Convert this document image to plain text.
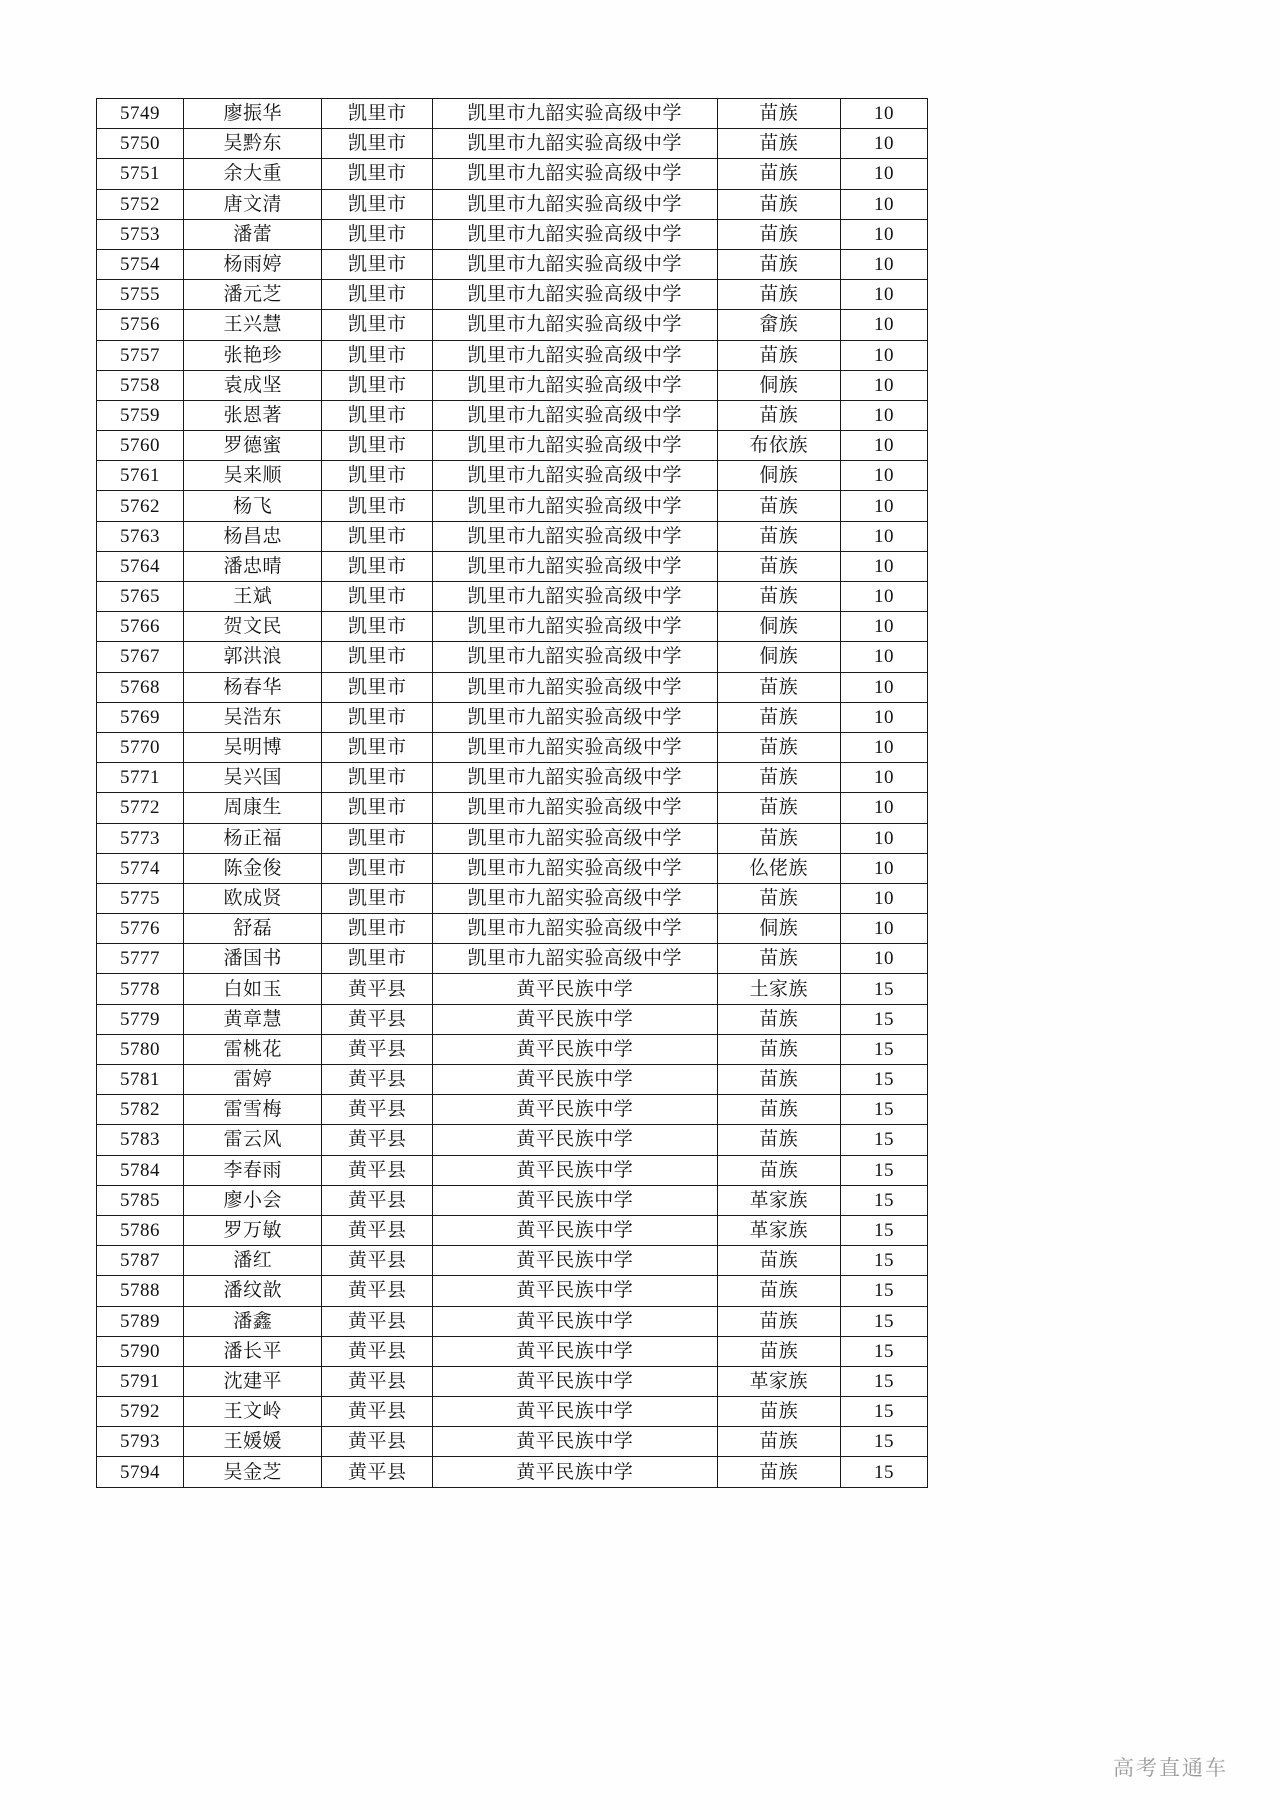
5749	廖振华	凯里市	凯里市九韶实验高级中学	苗族	10
5750	吴黔东	凯里市	凯里市九韶实验高级中学	苗族	10
5751	余大重	凯里市	凯里市九韶实验高级中学	苗族	10
5752	唐文清	凯里市	凯里市九韶实验高级中学	苗族	10
5753	潘蕾	凯里市	凯里市九韶实验高级中学	苗族	10
5754	杨雨婷	凯里市	凯里市九韶实验高级中学	苗族	10
5755	潘元芝	凯里市	凯里市九韶实验高级中学	苗族	10
5756	王兴慧	凯里市	凯里市九韶实验高级中学	畲族	10
5757	张艳珍	凯里市	凯里市九韶实验高级中学	苗族	10
5758	袁成坚	凯里市	凯里市九韶实验高级中学	侗族	10
5759	张恩著	凯里市	凯里市九韶实验高级中学	苗族	10
5760	罗德蜜	凯里市	凯里市九韶实验高级中学	布依族	10
5761	吴来顺	凯里市	凯里市九韶实验高级中学	侗族	10
5762	杨飞	凯里市	凯里市九韶实验高级中学	苗族	10
5763	杨昌忠	凯里市	凯里市九韶实验高级中学	苗族	10
5764	潘忠晴	凯里市	凯里市九韶实验高级中学	苗族	10
5765	王斌	凯里市	凯里市九韶实验高级中学	苗族	10
5766	贺文民	凯里市	凯里市九韶实验高级中学	侗族	10
5767	郭洪浪	凯里市	凯里市九韶实验高级中学	侗族	10
5768	杨春华	凯里市	凯里市九韶实验高级中学	苗族	10
5769	吴浩东	凯里市	凯里市九韶实验高级中学	苗族	10
5770	吴明博	凯里市	凯里市九韶实验高级中学	苗族	10
5771	吴兴国	凯里市	凯里市九韶实验高级中学	苗族	10
5772	周康生	凯里市	凯里市九韶实验高级中学	苗族	10
5773	杨正福	凯里市	凯里市九韶实验高级中学	苗族	10
5774	陈金俊	凯里市	凯里市九韶实验高级中学	仫佬族	10
5775	欧成贤	凯里市	凯里市九韶实验高级中学	苗族	10
5776	舒磊	凯里市	凯里市九韶实验高级中学	侗族	10
5777	潘国书	凯里市	凯里市九韶实验高级中学	苗族	10
5778	白如玉	黄平县	黄平民族中学	土家族	15
5779	黄章慧	黄平县	黄平民族中学	苗族	15
5780	雷桃花	黄平县	黄平民族中学	苗族	15
5781	雷婷	黄平县	黄平民族中学	苗族	15
5782	雷雪梅	黄平县	黄平民族中学	苗族	15
5783	雷云风	黄平县	黄平民族中学	苗族	15
5784	李春雨	黄平县	黄平民族中学	苗族	15
5785	廖小会	黄平县	黄平民族中学	革家族	15
5786	罗万敏	黄平县	黄平民族中学	革家族	15
5787	潘红	黄平县	黄平民族中学	苗族	15
5788	潘纹歆	黄平县	黄平民族中学	苗族	15
5789	潘鑫	黄平县	黄平民族中学	苗族	15
5790	潘长平	黄平县	黄平民族中学	苗族	15
5791	沈建平	黄平县	黄平民族中学	革家族	15
5792	王文岭	黄平县	黄平民族中学	苗族	15
5793	王媛媛	黄平县	黄平民族中学	苗族	15
5794	吴金芝	黄平县	黄平民族中学	苗族	15
高考直通车
